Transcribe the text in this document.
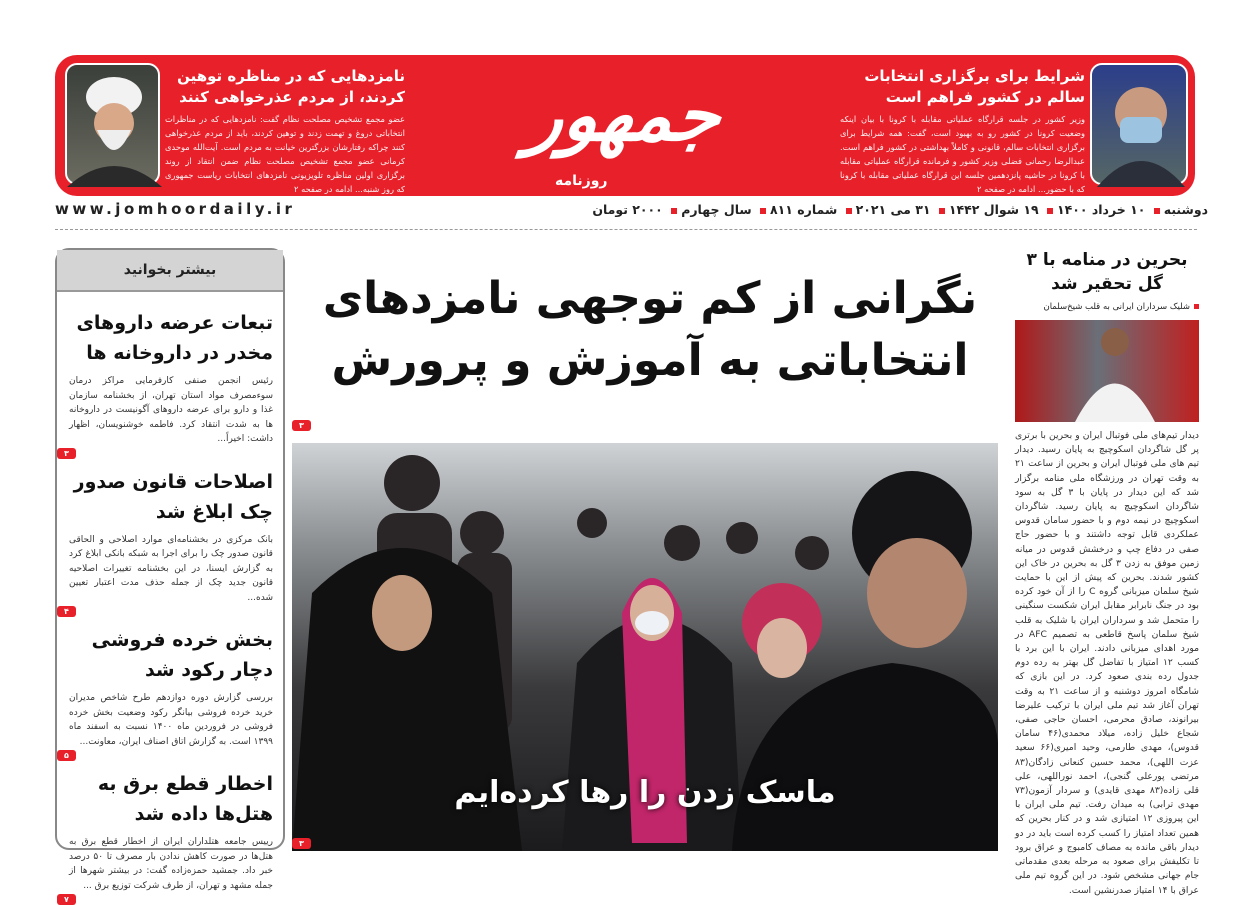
شرایط برای برگزاری انتخابات سالم در کشور فراهم است
وزیر کشور در جلسه قرارگاه عملیاتی مقابله با کرونا با بیان اینکه وضعیت کرونا در کشور رو به بهبود است، گفت: همه شرایط برای برگزاری انتخابات سالم، قانونی و کاملاً بهداشتی در کشور فراهم است. عبدالرضا رحمانی فضلی وزیر کشور و فرمانده قرارگاه عملیاتی مقابله با کرونا در حاشیه پانزدهمین جلسه این قرارگاه عملیاتی مقابله با کرونا که با حضور... ادامه در صفحه ۲
نامزدهایی که در مناظره توهین کردند، از مردم عذرخواهی کنند
عضو مجمع تشخیص مصلحت نظام گفت: نامزدهایی که در مناظرات انتخاباتی دروغ و تهمت زدند و توهین کردند، باید از مردم عذرخواهی کنند چراکه رفتارشان بزرگترین خیانت به مردم است. آیت‌الله موحدی کرمانی عضو مجمع تشخیص مصلحت نظام ضمن انتقاد از روند برگزاری اولین مناظره تلویزیونی نامزدهای انتخابات ریاست جمهوری که روز شنبه... ادامه در صفحه ۲
جمهور
روزنامه
www.jomhoordaily.ir	دوشنبه ۱۰ خرداد ۱۴۰۰ ۱۹ شوال ۱۴۴۲ ۳۱ می ۲۰۲۱ شماره ۸۱۱ سال چهارم ۲۰۰۰ تومان
بیشتر بخوانید
تبعات عرضه داروهای مخدر در داروخانه ها

رئیس انجمن صنفی کارفرمایی مراکز درمان سوء‌مصرف مواد استان تهران، از بخشنامه سازمان غذا و دارو برای عرضه داروهای آگونیست در داروخانه ها به شدت انتقاد کرد. فاطمه خوشنویسان، اظهار داشت: اخیراً...

۳
اصلاحات قانون صدور چک ابلاغ شد

بانک مرکزی در بخشنامه‌ای موارد اصلاحی و الحاقی قانون صدور چک را برای اجرا به شبکه بانکی ابلاغ کرد به گزارش ایسنا، در این بخشنامه تغییرات اصلاحیه قانون جدید چک از جمله حذف مدت اعتبار تعیین شده...

۴
بخش خرده فروشی دچار رکود شد

بررسی گزارش دوره دوازدهم طرح شاخص مدیران خرید خرده فروشی بیانگر رکود وضعیت بخش خرده فروشی در فروردین ماه ۱۴۰۰ نسبت به اسفند ماه ۱۳۹۹ است. به گزارش اتاق اصناف ایران، معاونت...

۵
اخطار قطع برق به هتل‌ها داده شد

رییس جامعه هتلداران ایران از اخطار قطع برق به هتل‌ها در صورت کاهش ندادن بار مصرف تا ۵۰ درصد خبر داد. جمشید حمزه‌زاده گفت: در بیشتر شهرها از جمله مشهد و تهران، از طرف شرکت توزیع برق ...

۷
نگرانی از کم توجهی نامزدهای
انتخاباتی به آموزش و پرورش
۳
ماسک زدن را رها کرده‌ایم
۳
بحرین در منامه با ۳ گل تحقیر شد
شلیک سرداران ایرانی به قلب شیخ‌سلمان

دیدار تیم‌های ملی فوتبال ایران و بحرین با برتری پر گل شاگردان اسکوچیچ به پایان رسید. دیدار تیم های ملی فوتبال ایران و بحرین از ساعت ۲۱ به وقت تهران در ورزشگاه ملی منامه برگزار شد که این دیدار در پایان با ۳ گل به سود شاگردان اسکوچیچ به پایان رسید. شاگردان اسکوچیچ در نیمه دوم و با حضور سامان قدوس عملکردی قابل توجه داشتند و با حضور حاج صفی در دفاع چپ و درخشش قدوس در میانه زمین موفق به زدن ۳ گل به بحرین در خاک این کشور شدند. بحرین که پیش از این با حمایت شیخ سلمان میزبانی گروه C را از آن خود کرده بود در جنگ نابرابر مقابل ایران شکست سنگینی را متحمل شد و سرداران ایران با شلیک به قلب شیخ سلمان پاسخ قاطعی به تصمیم AFC در مورد اهدای میزبانی دادند. ایران با این برد با کسب ۱۲ امتیاز با تفاضل گل بهتر به رده دوم جدول رده بندی صعود کرد. در این بازی که شامگاه امروز دوشنبه و از ساعت ۲۱ به وقت تهران آغاز شد تیم ملی ایران با ترکیب علیرضا بیرانوند، صادق محرمی، احسان حاجی صفی، شجاع خلیل زاده، میلاد محمدی(۴۶ سامان قدوس)، مهدی طارمی، وحید امیری(۶۶ سعید عزت اللهی)، محمد حسین کنعانی زادگان(۸۳ مرتضی پورعلی گنجی)، احمد نوراللهی، علی قلی زاده(۸۳ مهدی قایدی) و سردار آزمون(۷۳ مهدی ترابی) به میدان رفت. تیم ملی ایران با این پیروزی ۱۲ امتیازی شد و در کنار بحرین که همین تعداد امتیاز را کسب کرده است باید در دو دیدار باقی مانده به مصاف کامبوج و عراق برود تا تکلیفش برای صعود به مرحله بعدی مقدماتی جام جهانی مشخص شود. در این گروه تیم ملی عراق با ۱۴ امتیاز صدرنشین است.
